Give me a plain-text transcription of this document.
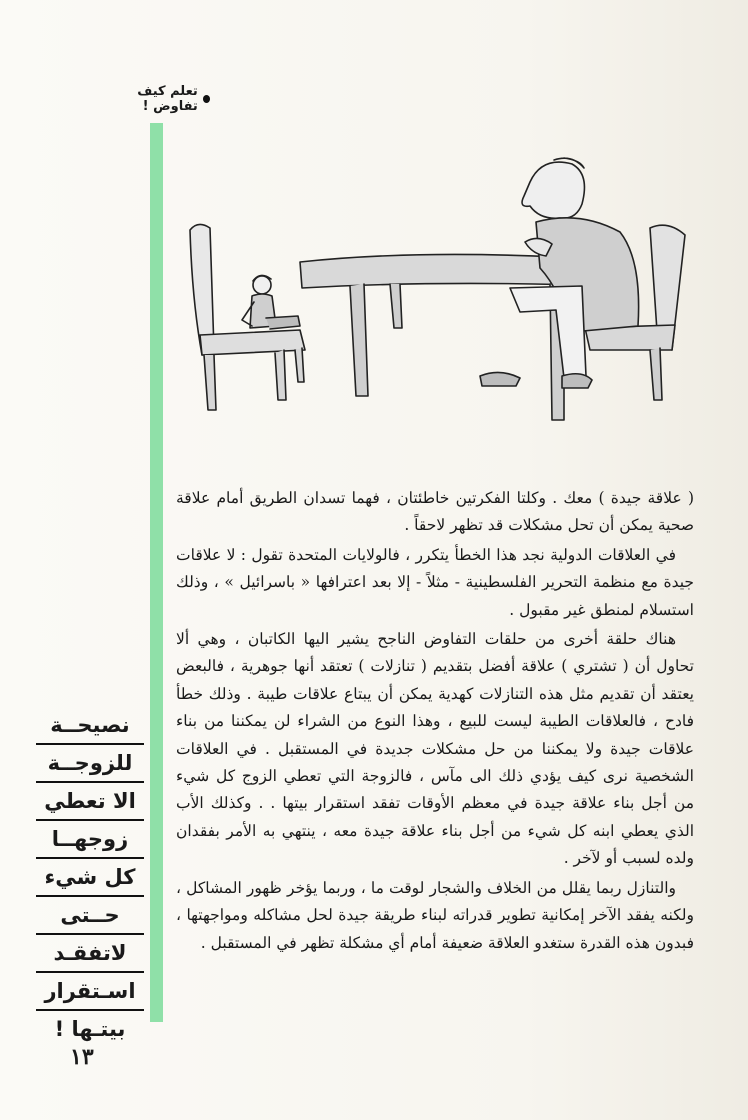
تعلم كيف تفاوض !

( علاقة جيدة ) معك . وكلتا الفكرتين خاطئتان ، فهما تسدان الطريق أمام علاقة صحية يمكن أن تحل مشكلات قد تظهر لاحقاً .

في العلاقات الدولية نجد هذا الخطأ يتكرر ، فالولايات المتحدة تقول : لا علاقات جيدة مع منظمة التحرير الفلسطينية - مثلاً - إلا بعد اعترافها « باسرائيل » ، وذلك استسلام لمنطق غير مقبول .

هناك حلقة أخرى من حلقات التفاوض الناجح يشير اليها الكاتبان ، وهي ألا تحاول أن ( تشتري ) علاقة أفضل بتقديم ( تنازلات ) تعتقد أنها جوهرية ، فالبعض يعتقد أن تقديم مثل هذه التنازلات كهدية يمكن أن يبتاع علاقات طيبة . وذلك خطأ فادح ، فالعلاقات الطيبة ليست للبيع ، وهذا النوع من الشراء لن يمكننا من بناء علاقات جيدة ولا يمكننا من حل مشكلات جديدة في المستقبل . في العلاقات الشخصية نرى كيف يؤدي ذلك الى مآس ، فالزوجة التي تعطي الزوج كل شيء من أجل بناء علاقة جيدة في معظم الأوقات تفقد استقرار بيتها . . وكذلك الأب الذي يعطي ابنه كل شيء من أجل بناء علاقة جيدة معه ، ينتهي به الأمر بفقدان ولده لسبب أو لآخر .

والتنازل ربما يقلل من الخلاف والشجار لوقت ما ، وربما يؤخر ظهور المشاكل ، ولكنه يفقد الآخر إمكانية تطوير قدراته لبناء طريقة جيدة لحل مشاكله ومواجهتها ، فبدون هذه القدرة ستغدو العلاقة ضعيفة أمام أي مشكلة تظهر في المستقبل .

نصيحــة
للزوجــة
الا تعطي
زوجهــا
كل شيء
حــتى
لاتفقـد
اسـتقرار
بيتـها !
١٣
